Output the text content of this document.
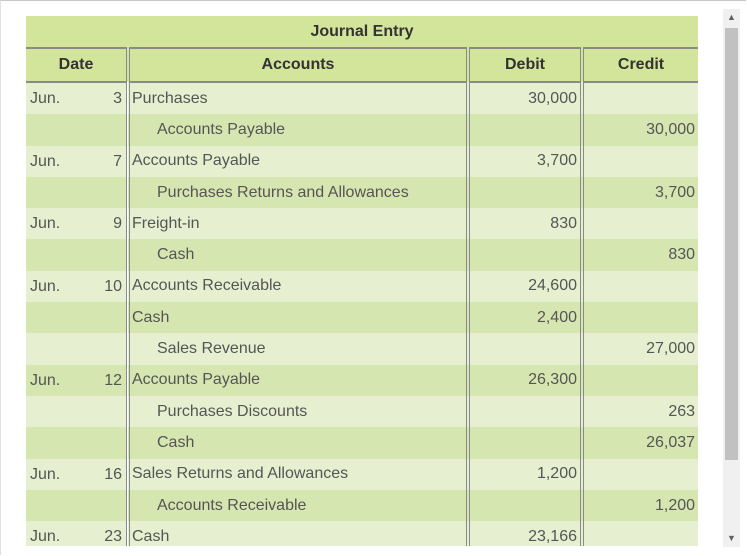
Journal Entry			
Date	Accounts	Debit	Credit

Jun. 3	Purchases	30,000	

	Accounts Payable		30,000

Jun. 7	Accounts Payable	3,700	

	Purchases Returns and Allowances		3,700

Jun. 9	Freight-in	830	

	Cash		830

Jun. 10	Accounts Receivable	24,600	

	Cash	2,400	

	Sales Revenue		27,000

Jun. 12	Accounts Payable	26,300	

	Purchases Discounts		263

	Cash		26,037

Jun. 16	Sales Returns and Allowances	1,200	

	Accounts Receivable		1,200

Jun. 23	Cash	23,166	
▲
▼
